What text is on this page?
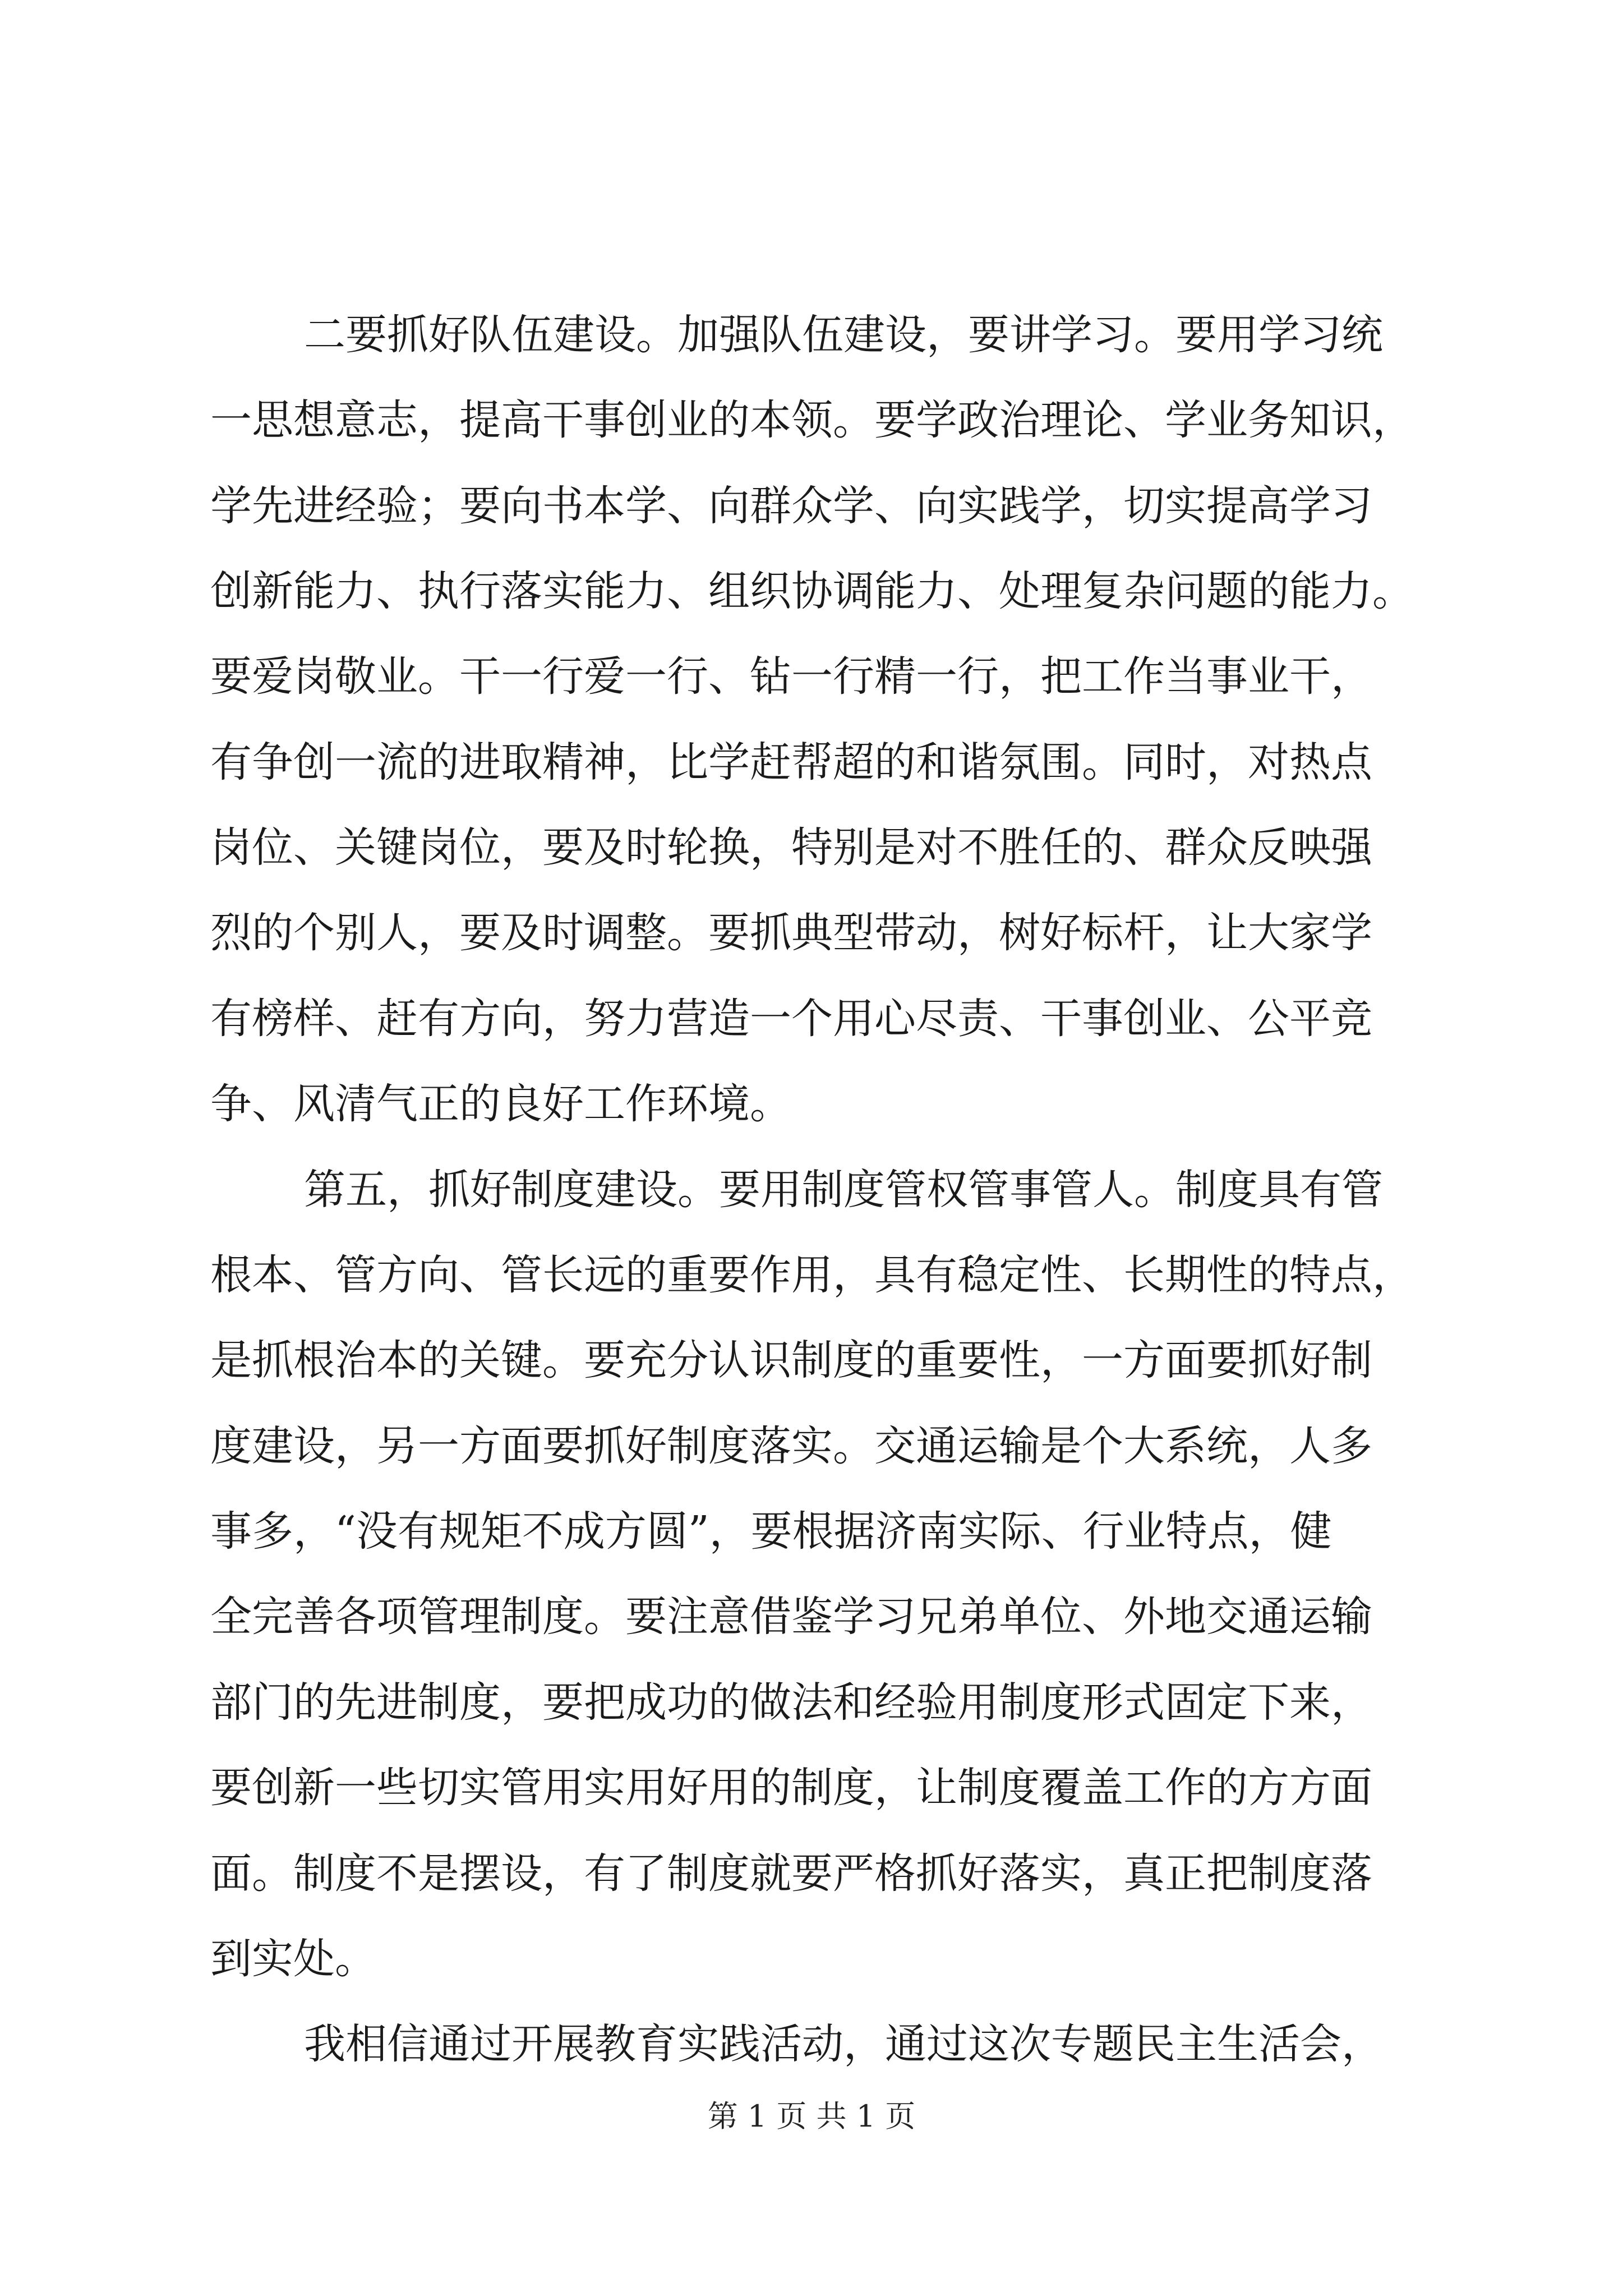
二要抓好队伍建设。加强队伍建设，要讲学习。要用学习统
一思想意志，提高干事创业的本领。要学政治理论、学业务知识，
学先进经验；要向书本学、向群众学、向实践学，切实提高学习
创新能力、执行落实能力、组织协调能力、处理复杂问题的能力。
要爱岗敬业。干一行爱一行、钻一行精一行，把工作当事业干，
有争创一流的进取精神，比学赶帮超的和谐氛围。同时，对热点
岗位、关键岗位，要及时轮换，特别是对不胜任的、群众反映强
烈的个别人，要及时调整。要抓典型带动，树好标杆，让大家学
有榜样、赶有方向，努力营造一个用心尽责、干事创业、公平竞
争、风清气正的良好工作环境。
第五，抓好制度建设。要用制度管权管事管人。制度具有管
根本、管方向、管长远的重要作用，具有稳定性、长期性的特点，
是抓根治本的关键。要充分认识制度的重要性，一方面要抓好制
度建设，另一方面要抓好制度落实。交通运输是个大系统，人多
事多，“没有规矩不成方圆”，要根据济南实际、行业特点，健
全完善各项管理制度。要注意借鉴学习兄弟单位、外地交通运输
部门的先进制度，要把成功的做法和经验用制度形式固定下来，
要创新一些切实管用实用好用的制度，让制度覆盖工作的方方面
面。制度不是摆设，有了制度就要严格抓好落实，真正把制度落
到实处。
我相信通过开展教育实践活动，通过这次专题民主生活会，
第 1 页 共 1 页
